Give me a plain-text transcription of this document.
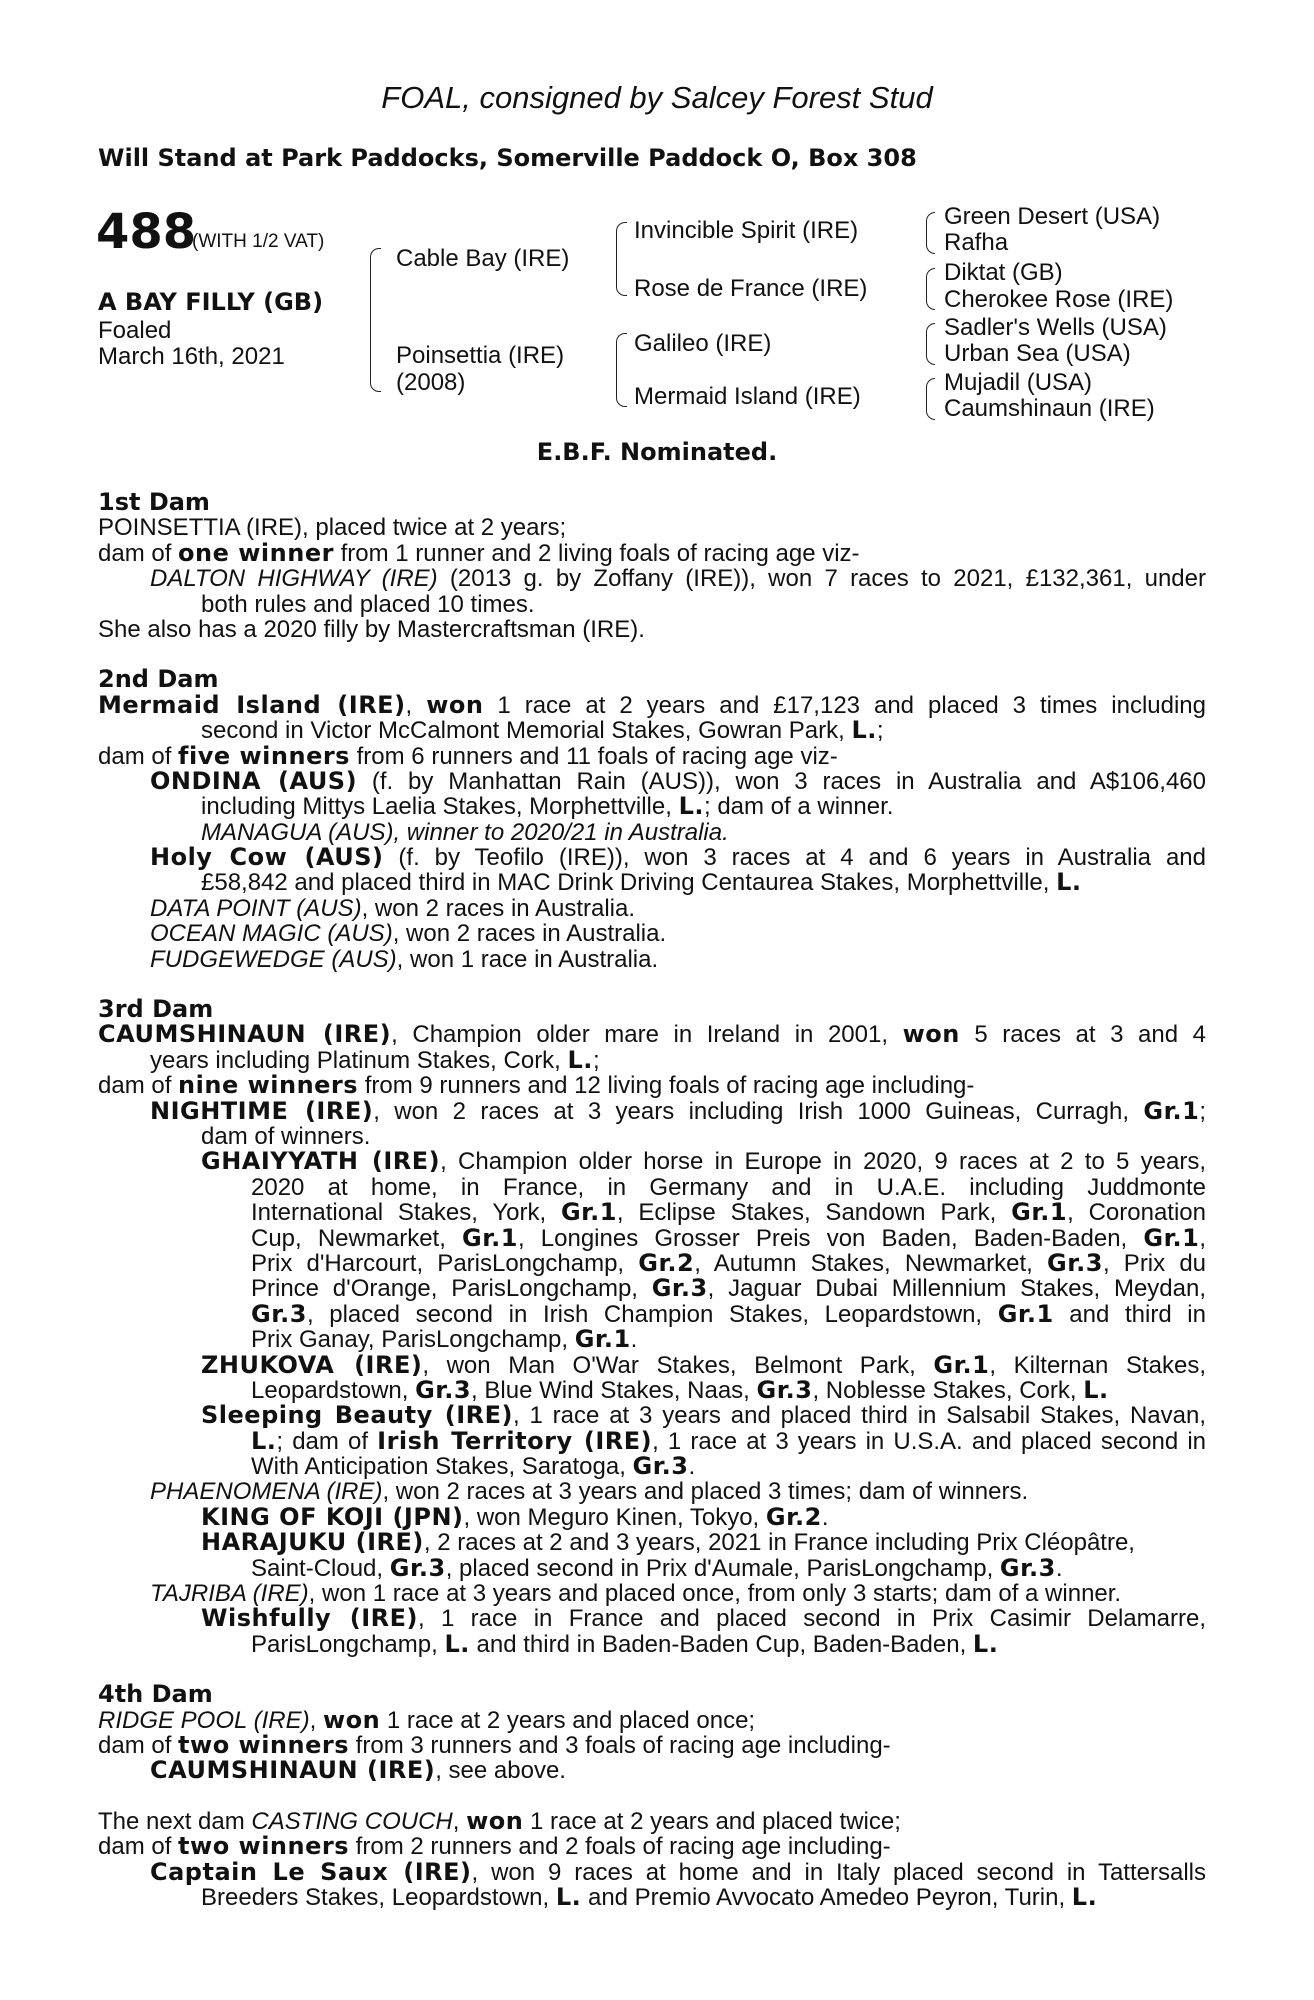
FOAL, consigned by Salcey Forest Stud
Will Stand at Park Paddocks, Somerville Paddock O, Box 308
488
(WITH 1/2 VAT)
A BAY FILLY (GB)
Foaled
March 16th, 2021
Cable Bay (IRE)
Poinsettia (IRE)
(2008)
Invincible Spirit (IRE)
Rose de France (IRE)
Galileo (IRE)
Mermaid Island (IRE)
Green Desert (USA)
Rafha
Diktat (GB)
Cherokee Rose (IRE)
Sadler's Wells (USA)
Urban Sea (USA)
Mujadil (USA)
Caumshinaun (IRE)
E.B.F. Nominated.
1st Dam
POINSETTIA (IRE), placed twice at 2 years;
dam of one winner from 1 runner and 2 living foals of racing age viz-
DALTON HIGHWAY (IRE) (2013 g. by Zoffany (IRE)), won 7 races to 2021, £132,361, under
both rules and placed 10 times.
She also has a 2020 filly by Mastercraftsman (IRE).
2nd Dam
Mermaid Island (IRE), won 1 race at 2 years and £17,123 and placed 3 times including
second in Victor McCalmont Memorial Stakes, Gowran Park, L.;
dam of five winners from 6 runners and 11 foals of racing age viz-
ONDINA (AUS) (f. by Manhattan Rain (AUS)), won 3 races in Australia and A$106,460
including Mittys Laelia Stakes, Morphettville, L.; dam of a winner.
MANAGUA (AUS), winner to 2020/21 in Australia.
Holy Cow (AUS) (f. by Teofilo (IRE)), won 3 races at 4 and 6 years in Australia and
£58,842 and placed third in MAC Drink Driving Centaurea Stakes, Morphettville, L.
DATA POINT (AUS), won 2 races in Australia.
OCEAN MAGIC (AUS), won 2 races in Australia.
FUDGEWEDGE (AUS), won 1 race in Australia.
3rd Dam
CAUMSHINAUN (IRE), Champion older mare in Ireland in 2001, won 5 races at 3 and 4
years including Platinum Stakes, Cork, L.;
dam of nine winners from 9 runners and 12 living foals of racing age including-
NIGHTIME (IRE), won 2 races at 3 years including Irish 1000 Guineas, Curragh, Gr.1;
dam of winners.
GHAIYYATH (IRE), Champion older horse in Europe in 2020, 9 races at 2 to 5 years,
2020 at home, in France, in Germany and in U.A.E. including Juddmonte
International Stakes, York, Gr.1, Eclipse Stakes, Sandown Park, Gr.1, Coronation
Cup, Newmarket, Gr.1, Longines Grosser Preis von Baden, Baden-Baden, Gr.1,
Prix d'Harcourt, ParisLongchamp, Gr.2, Autumn Stakes, Newmarket, Gr.3, Prix du
Prince d'Orange, ParisLongchamp, Gr.3, Jaguar Dubai Millennium Stakes, Meydan,
Gr.3, placed second in Irish Champion Stakes, Leopardstown, Gr.1 and third in
Prix Ganay, ParisLongchamp, Gr.1.
ZHUKOVA (IRE), won Man O'War Stakes, Belmont Park, Gr.1, Kilternan Stakes,
Leopardstown, Gr.3, Blue Wind Stakes, Naas, Gr.3, Noblesse Stakes, Cork, L.
Sleeping Beauty (IRE), 1 race at 3 years and placed third in Salsabil Stakes, Navan,
L.; dam of Irish Territory (IRE), 1 race at 3 years in U.S.A. and placed second in
With Anticipation Stakes, Saratoga, Gr.3.
PHAENOMENA (IRE), won 2 races at 3 years and placed 3 times; dam of winners.
KING OF KOJI (JPN), won Meguro Kinen, Tokyo, Gr.2.
HARAJUKU (IRE), 2 races at 2 and 3 years, 2021 in France including Prix Cléopâtre,
Saint-Cloud, Gr.3, placed second in Prix d'Aumale, ParisLongchamp, Gr.3.
TAJRIBA (IRE), won 1 race at 3 years and placed once, from only 3 starts; dam of a winner.
Wishfully (IRE), 1 race in France and placed second in Prix Casimir Delamarre,
ParisLongchamp, L. and third in Baden-Baden Cup, Baden-Baden, L.
4th Dam
RIDGE POOL (IRE), won 1 race at 2 years and placed once;
dam of two winners from 3 runners and 3 foals of racing age including-
CAUMSHINAUN (IRE), see above.
The next dam CASTING COUCH, won 1 race at 2 years and placed twice;
dam of two winners from 2 runners and 2 foals of racing age including-
Captain Le Saux (IRE), won 9 races at home and in Italy placed second in Tattersalls
Breeders Stakes, Leopardstown, L. and Premio Avvocato Amedeo Peyron, Turin, L.
